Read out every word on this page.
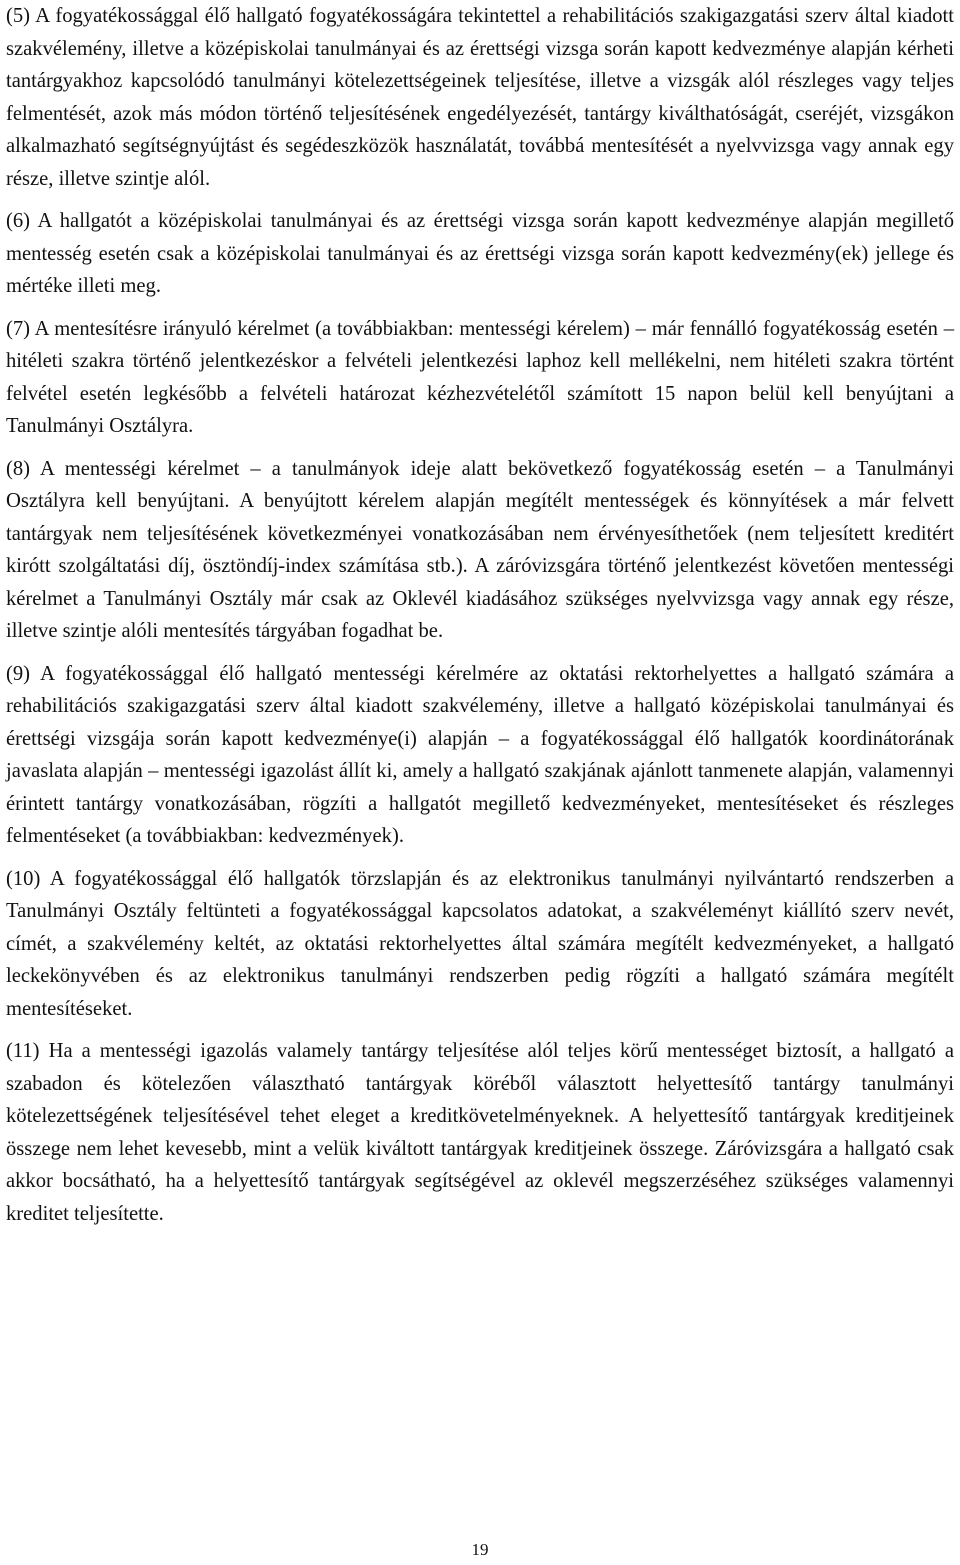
(5) A fogyatékossággal élő hallgató fogyatékosságára tekintettel a rehabilitációs szakigazgatási szerv által kiadott szakvélemény, illetve a középiskolai tanulmányai és az érettségi vizsga során kapott kedvezménye alapján kérheti tantárgyakhoz kapcsolódó tanulmányi kötelezettségeinek teljesítése, illetve a vizsgák alól részleges vagy teljes felmentését, azok más módon történő teljesítésének engedélyezését, tantárgy kiválthatóságát, cseréjét, vizsgákon alkalmazható segítségnyújtást és segédeszközök használatát, továbbá mentesítését a nyelvvizsga vagy annak egy része, illetve szintje alól.

(6) A hallgatót a középiskolai tanulmányai és az érettségi vizsga során kapott kedvezménye alapján megillető mentesség esetén csak a középiskolai tanulmányai és az érettségi vizsga során kapott kedvezmény(ek) jellege és mértéke illeti meg.

(7) A mentesítésre irányuló kérelmet (a továbbiakban: mentességi kérelem) – már fennálló fogyatékosság esetén – hitéleti szakra történő jelentkezéskor a felvételi jelentkezési laphoz kell mellékelni, nem hitéleti szakra történt felvétel esetén legkésőbb a felvételi határozat kézhezvételétől számított 15 napon belül kell benyújtani a Tanulmányi Osztályra.

(8) A mentességi kérelmet – a tanulmányok ideje alatt bekövetkező fogyatékosság esetén – a Tanulmányi Osztályra kell benyújtani. A benyújtott kérelem alapján megítélt mentességek és könnyítések a már felvett tantárgyak nem teljesítésének következményei vonatkozásában nem érvényesíthetőek (nem teljesített kreditért kirótt szolgáltatási díj, ösztöndíj-index számítása stb.). A záróvizsgára történő jelentkezést követően mentességi kérelmet a Tanulmányi Osztály már csak az Oklevél kiadásához szükséges nyelvvizsga vagy annak egy része, illetve szintje alóli mentesítés tárgyában fogadhat be.

(9) A fogyatékossággal élő hallgató mentességi kérelmére az oktatási rektorhelyettes a hallgató számára a rehabilitációs szakigazgatási szerv által kiadott szakvélemény, illetve a hallgató középiskolai tanulmányai és érettségi vizsgája során kapott kedvezménye(i) alapján – a fogyatékossággal élő hallgatók koordinátorának javaslata alapján – mentességi igazolást állít ki, amely a hallgató szakjának ajánlott tanmenete alapján, valamennyi érintett tantárgy vonatkozásában, rögzíti a hallgatót megillető kedvezményeket, mentesítéseket és részleges felmentéseket (a továbbiakban: kedvezmények).

(10) A fogyatékossággal élő hallgatók törzslapján és az elektronikus tanulmányi nyilvántartó rendszerben a Tanulmányi Osztály feltünteti a fogyatékossággal kapcsolatos adatokat, a szakvéleményt kiállító szerv nevét, címét, a szakvélemény keltét, az oktatási rektorhelyettes által számára megítélt kedvezményeket, a hallgató leckekönyvében és az elektronikus tanulmányi rendszerben pedig rögzíti a hallgató számára megítélt mentesítéseket.

(11) Ha a mentességi igazolás valamely tantárgy teljesítése alól teljes körű mentességet biztosít, a hallgató a szabadon és kötelezően választható tantárgyak köréből választott helyettesítő tantárgy tanulmányi kötelezettségének teljesítésével tehet eleget a kreditkövetelményeknek. A helyettesítő tantárgyak kreditjeinek összege nem lehet kevesebb, mint a velük kiváltott tantárgyak kreditjeinek összege. Záróvizsgára a hallgató csak akkor bocsátható, ha a helyettesítő tantárgyak segítségével az oklevél megszerzéséhez szükséges valamennyi kreditet teljesítette.

19
